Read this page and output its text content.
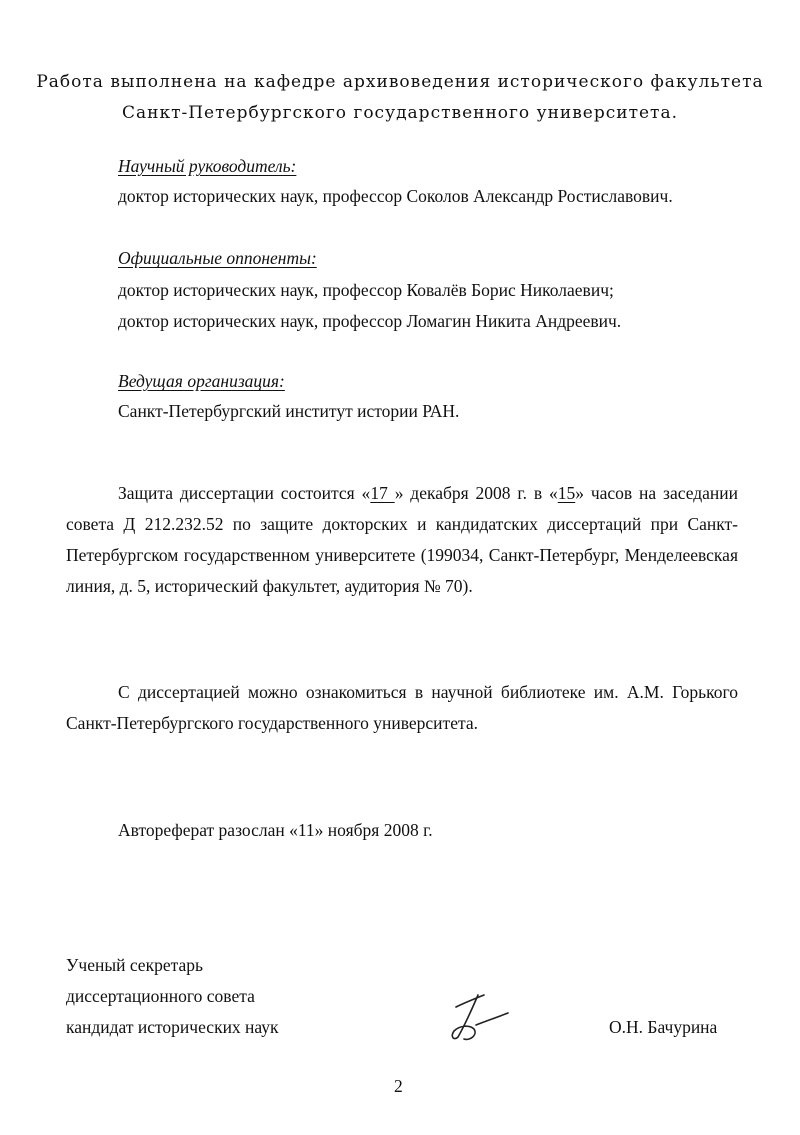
Работа выполнена на кафедре архивоведения исторического факультета
Санкт-Петербургского государственного университета.
Научный руководитель:
доктор исторических наук, профессор Соколов Александр Ростиславович.
Официальные оппоненты:
доктор исторических наук, профессор Ковалёв Борис Николаевич;
доктор исторических наук, профессор Ломагин Никита Андреевич.
Ведущая организация:
Санкт-Петербургский институт истории РАН.
Защита диссертации состоится «17 » декабря 2008 г. в «15» часов на заседании совета Д 212.232.52 по защите докторских и кандидатских диссертаций при Санкт-Петербургском государственном университете (199034, Санкт-Петербург, Менделеевская линия, д. 5, исторический факультет, аудитория № 70).
С диссертацией можно ознакомиться в научной библиотеке им. А.М. Горького Санкт-Петербургского государственного университета.
Автореферат разослан «11» ноября 2008 г.
Ученый секретарь
диссертационного совета
кандидат исторических наук	О.Н. Бачурина
2
